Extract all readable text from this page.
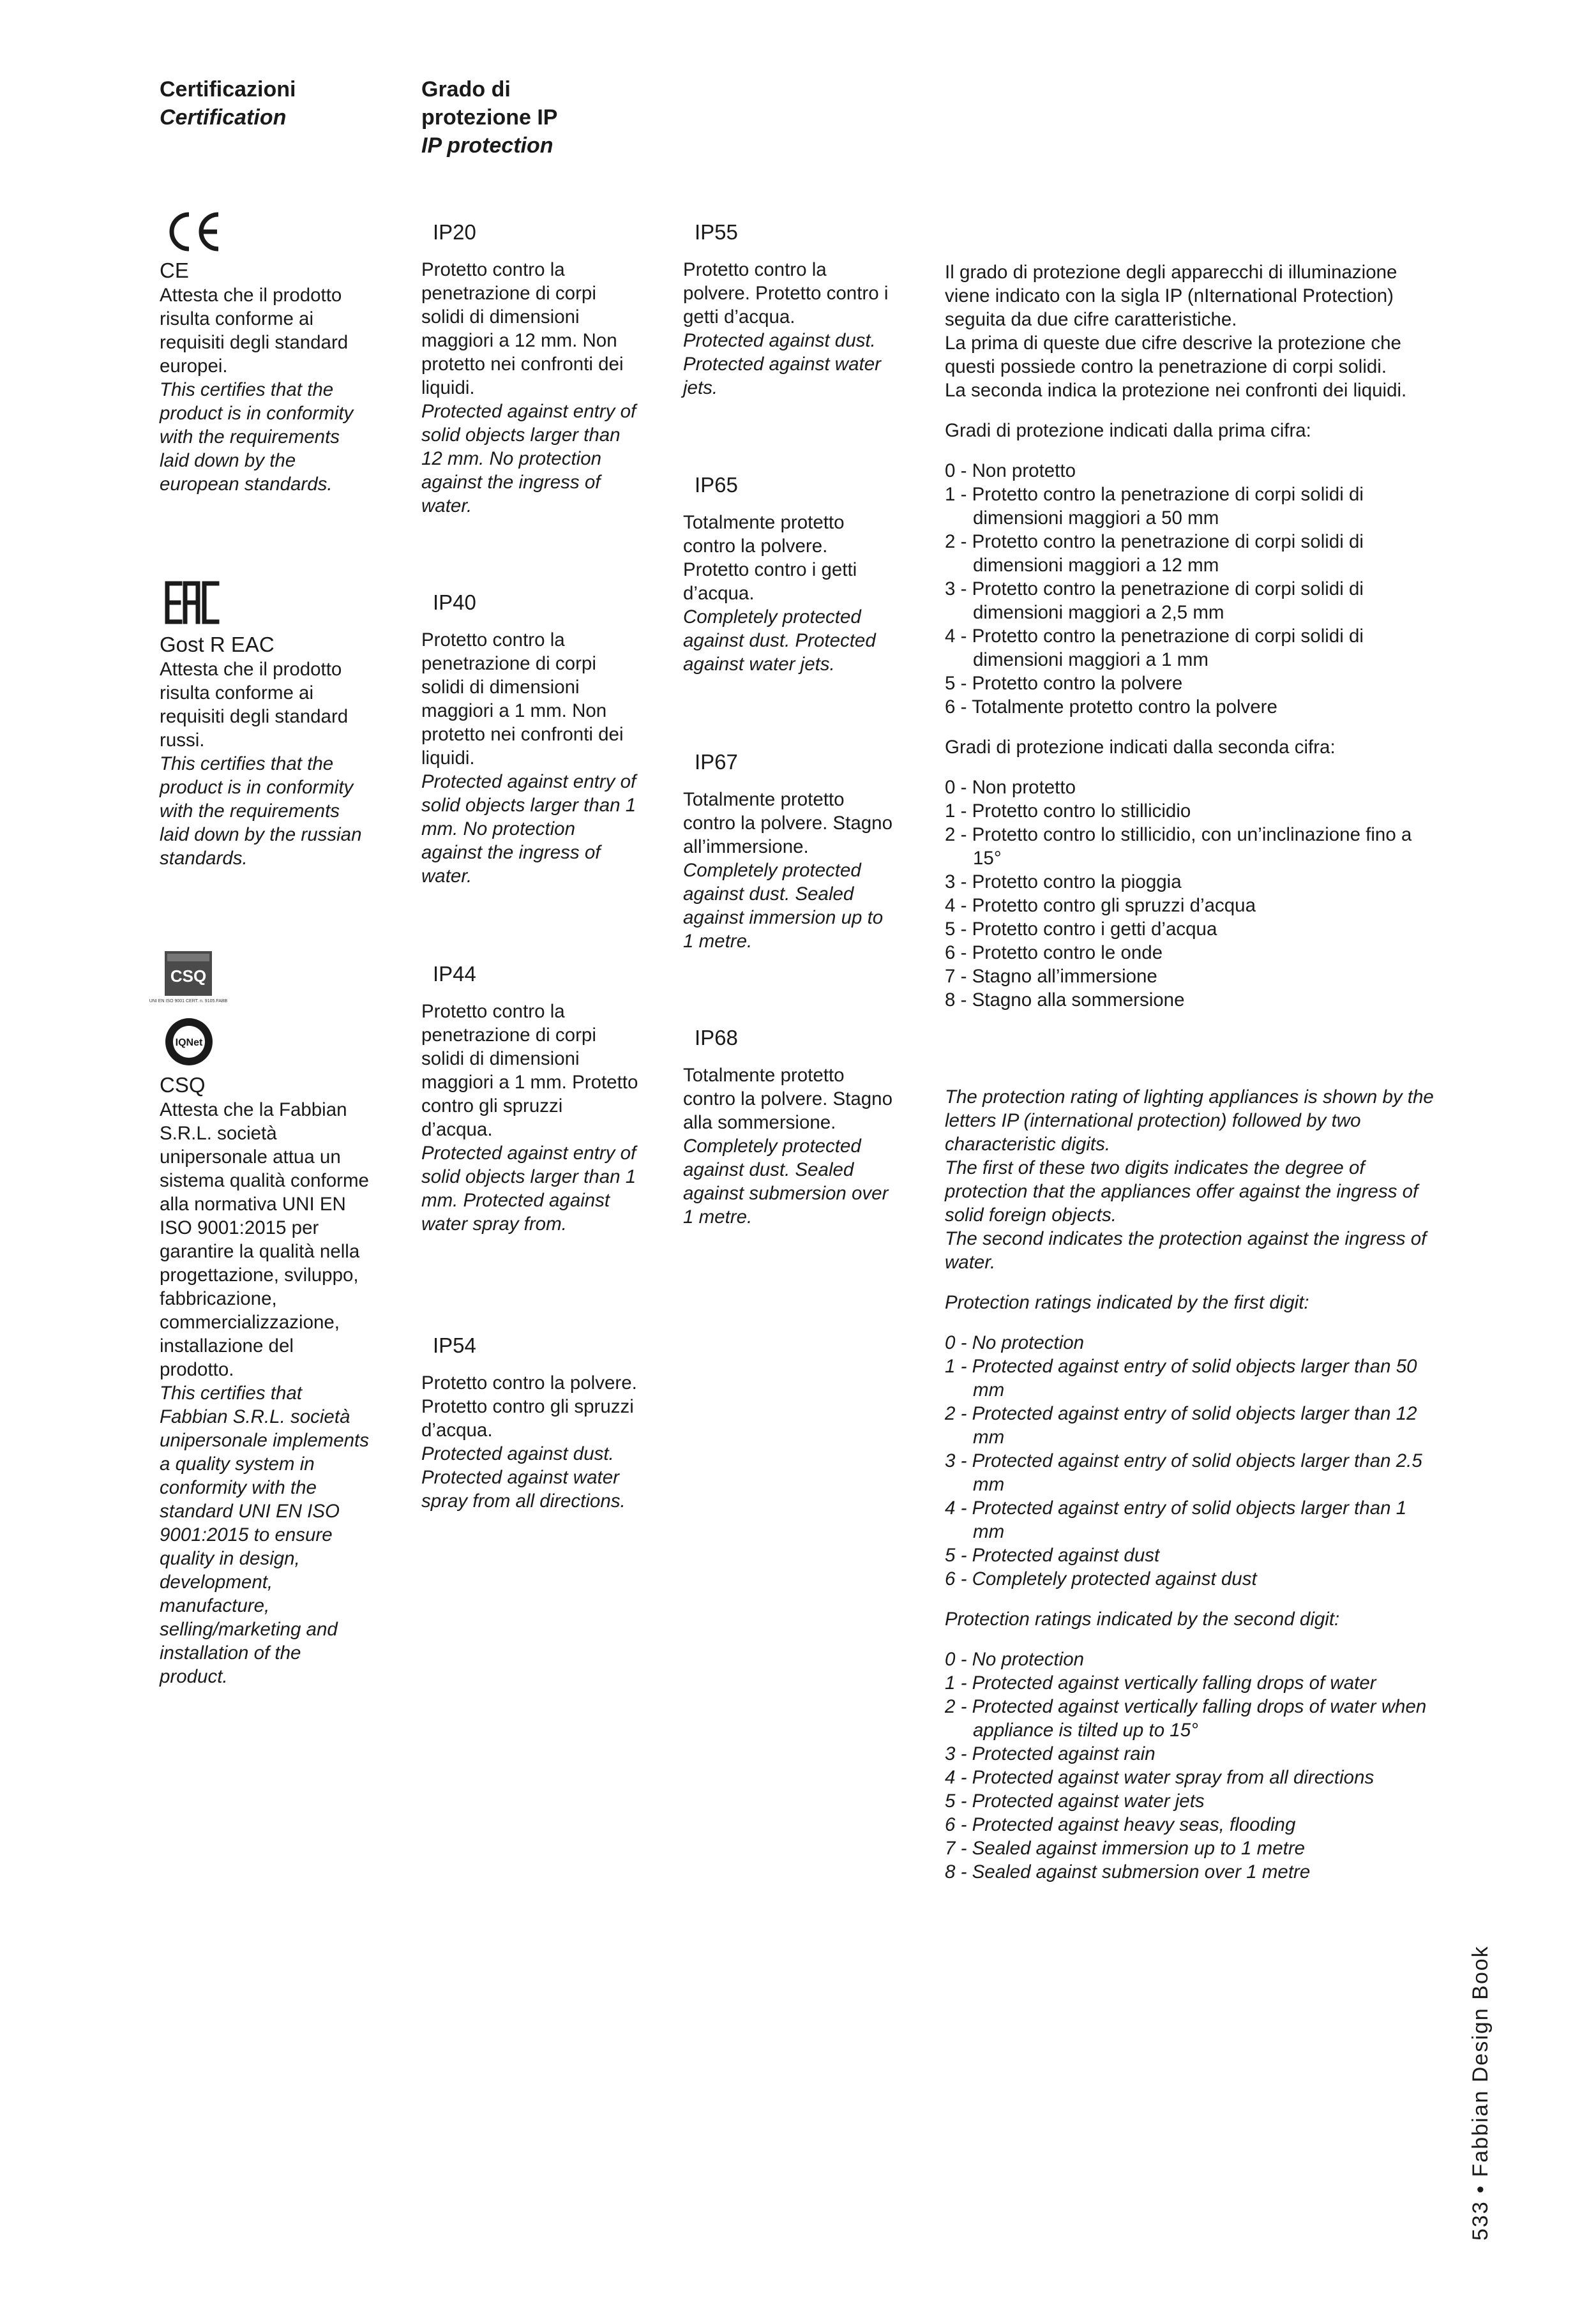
Certificazioni
Certification
Grado di
protezione IP
IP protection
CSQ
UNI EN ISO 9001 CERT. n. 9105.FABB
IQNet
CE

Attesta che il prodotto risulta conforme ai requisiti degli standard europei.

This certifies that the product is in conformity with the requirements laid down by the european standards.

Gost R EAC

Attesta che il prodotto risulta conforme ai requisiti degli standard russi.

This certifies that the product is in conformity with the requirements laid down by the russian standards.

CSQ

Attesta che la Fabbian S.R.L. società unipersonale attua un sistema qualità conforme alla normativa UNI EN ISO 9001:2015 per garantire la qualità nella progettazione, sviluppo, fabbricazione, commercializzazione, installazione del prodotto.

This certifies that Fabbian S.R.L. società unipersonale implements a quality system in conformity with the standard UNI EN ISO 9001:2015 to ensure quality in design, development, manufacture, selling/marketing and installation of the product.

IP20

Protetto contro la penetrazione di corpi solidi di dimensioni maggiori a 12 mm. Non protetto nei confronti dei liquidi.

Protected against entry of solid objects larger than 12 mm. No protection against the ingress of water.

IP40

Protetto contro la penetrazione di corpi solidi di dimensioni maggiori a 1 mm. Non protetto nei confronti dei liquidi.

Protected against entry of solid objects larger than 1 mm. No protection against the ingress of water.

IP44

Protetto contro la penetrazione di corpi solidi di dimensioni maggiori a 1 mm. Protetto contro gli spruzzi d’acqua.

Protected against entry of solid objects larger than 1 mm. Protected against water spray from.

IP54

Protetto contro la polvere. Protetto contro gli spruzzi d’acqua.

Protected against dust. Protected against water spray from all directions.

IP55

Protetto contro la polvere. Protetto contro i getti d’acqua.

Protected against dust. Protected against water jets.

IP65

Totalmente protetto contro la polvere. Protetto contro i getti d’acqua.

Completely protected against dust. Protected against water jets.

IP67

Totalmente protetto contro la polvere. Stagno all’immersione.

Completely protected against dust. Sealed against immersion up to 1 metre.

IP68

Totalmente protetto contro la polvere. Stagno alla sommersione.

Completely protected against dust. Sealed against submersion over 1 metre.

Il grado di protezione degli apparecchi di illuminazione viene indicato con la sigla IP (nIternational Protection) seguita da due cifre caratteristiche.

La prima di queste due cifre descrive la protezione che questi possiede contro la penetrazione di corpi solidi.

La seconda indica la protezione nei confronti dei liquidi.

Gradi di protezione indicati dalla prima cifra:

0 - Non protetto
1 - Protetto contro la penetrazione di corpi solidi di dimensioni maggiori a 50 mm
2 - Protetto contro la penetrazione di corpi solidi di dimensioni maggiori a 12 mm
3 - Protetto contro la penetrazione di corpi solidi di dimensioni maggiori a 2,5 mm
4 - Protetto contro la penetrazione di corpi solidi di dimensioni maggiori a 1 mm
5 - Protetto contro la polvere
6 - Totalmente protetto contro la polvere

Gradi di protezione indicati dalla seconda cifra:

0 - Non protetto
1 - Protetto contro lo stillicidio
2 - Protetto contro lo stillicidio, con un’inclinazione fino a 15°
3 - Protetto contro la pioggia
4 - Protetto contro gli spruzzi d’acqua
5 - Protetto contro i getti d’acqua
6 - Protetto contro le onde
7 - Stagno all’immersione
8 - Stagno alla sommersione

The protection rating of lighting appliances is shown by the letters IP (international protection) followed by two characteristic digits.

The first of these two digits indicates the degree of protection that the appliances offer against the ingress of solid foreign objects.

The second indicates the protection against the ingress of water.

Protection ratings indicated by the first digit:

0 - No protection
1 - Protected against entry of solid objects larger than 50 mm
2 - Protected against entry of solid objects larger than 12 mm
3 - Protected against entry of solid objects larger than 2.5 mm
4 - Protected against entry of solid objects larger than 1 mm
5 - Protected against dust
6 - Completely protected against dust

Protection ratings indicated by the second digit:

0 - No protection
1 - Protected against vertically falling drops of water
2 - Protected against vertically falling drops of water when appliance is tilted up to 15°
3 - Protected against rain
4 - Protected against water spray from all directions
5 - Protected against water jets
6 - Protected against heavy seas, flooding
7 - Sealed against immersion up to 1 metre
8 - Sealed against submersion over 1 metre
533 • Fabbian Design Book
